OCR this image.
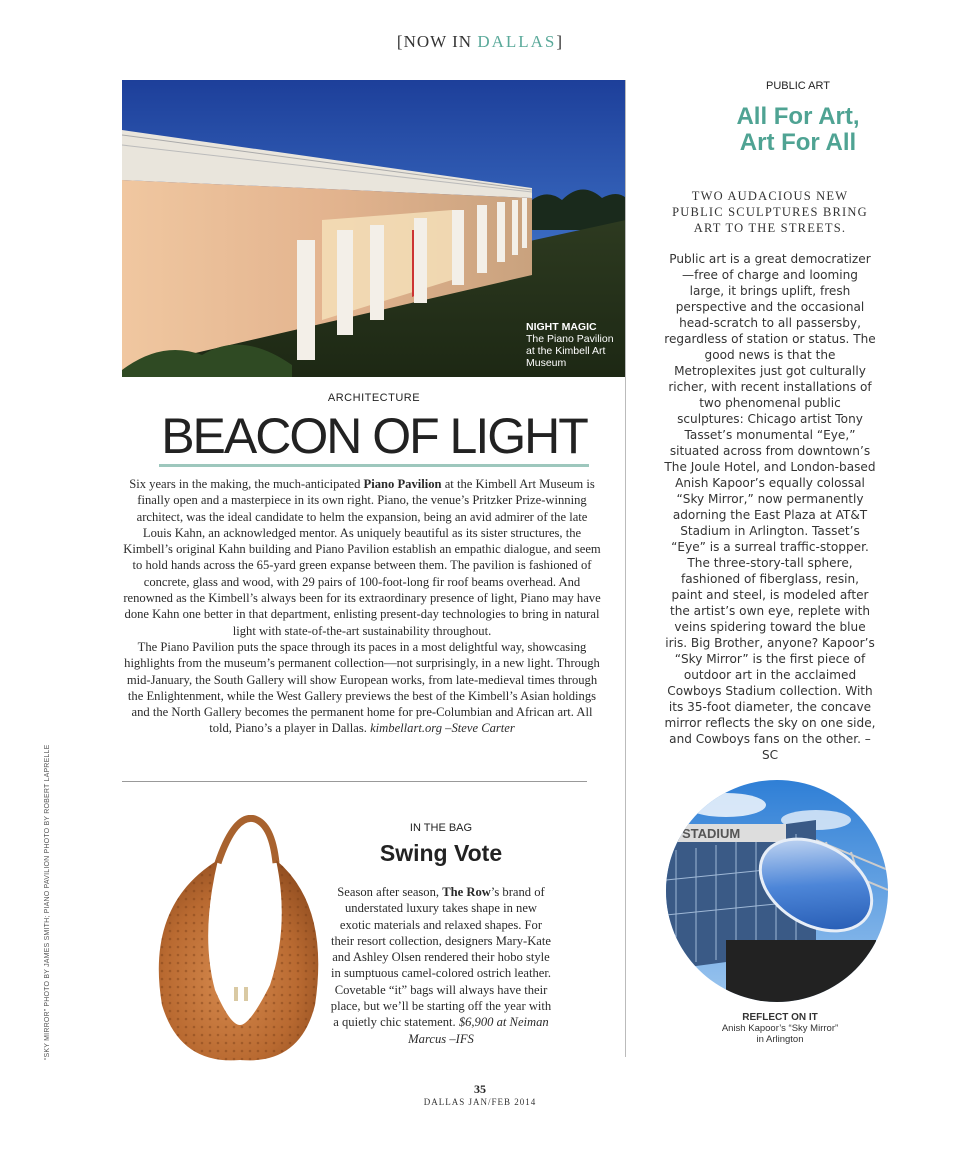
[NOW IN DALLAS]
NIGHT MAGIC
The Piano Pavilion at the Kimbell Art Museum
ARCHITECTURE
BEACON OF LIGHT

Six years in the making, the much-anticipated Piano Pavilion at the Kimbell Art Museum is finally open and a masterpiece in its own right. Piano, the venue’s Pritzker Prize-winning architect, was the ideal candidate to helm the expansion, being an avid admirer of the late Louis Kahn, an acknowledged mentor. As uniquely beautiful as its sister structures, the Kimbell’s original Kahn building and Piano Pavilion establish an empathic dialogue, and seem to hold hands across the 65-yard green expanse between them. The pavilion is fashioned of concrete, glass and wood, with 29 pairs of 100-foot-long fir roof beams overhead. And renowned as the Kimbell’s always been for its extraordinary presence of light, Piano may have done Kahn one better in that department, enlisting present-day technologies to bring in natural light with state-of-the-art sustainability throughout.

The Piano Pavilion puts the space through its paces in a most delightful way, showcasing highlights from the museum’s permanent collection—not surprisingly, in a new light. Through mid-January, the South Gallery will show European works, from late-medieval times through the Enlightenment, while the West Gallery previews the best of the Kimbell’s Asian holdings and the North Gallery becomes the permanent home for pre-Columbian and African art. All told, Piano’s a player in Dallas. kimbellart.org –Steve Carter

PUBLIC ART
All For Art,
Art For All
TWO AUDACIOUS NEW PUBLIC SCULPTURES BRING ART TO THE STREETS.

Public art is a great democratizer—free of charge and looming large, it brings uplift, fresh perspective and the occasional head-scratch to all passersby, regardless of station or status. The good news is that the Metroplexites just got culturally richer, with recent installations of two phenomenal public sculptures: Chicago artist Tony Tasset’s monumental “Eye,” situated across from downtown’s The Joule Hotel, and London-based Anish Kapoor’s equally colossal “Sky Mirror,” now permanently adorning the East Plaza at AT&T Stadium in Arlington. Tasset’s “Eye” is a surreal traffic-stopper. The three-story-tall sphere, fashioned of fiberglass, resin, paint and steel, is modeled after the artist’s own eye, replete with veins spidering toward the blue iris. Big Brother, anyone? Kapoor’s “Sky Mirror” is the first piece of outdoor art in the acclaimed Cowboys Stadium collection. With its 35-foot diameter, the concave mirror reflects the sky on one side, and Cowboys fans on the other. –SC

STADIUM
REFLECT ON IT
Anish Kapoor’s “Sky Mirror” in Arlington
IN THE BAG
Swing Vote

Season after season, The Row’s brand of understated luxury takes shape in new exotic materials and relaxed shapes. For their resort collection, designers Mary-Kate and Ashley Olsen rendered their hobo style in sumptuous camel-colored ostrich leather. Covetable “it” bags will always have their place, but we’ll be starting off the year with a quietly chic statement. $6,900 at Neiman Marcus –IFS

“SKY MIRROR” PHOTO BY JAMES SMITH; PIANO PAVILION PHOTO BY ROBERT LAPRELLE
35
DALLAS JAN/FEB 2014
